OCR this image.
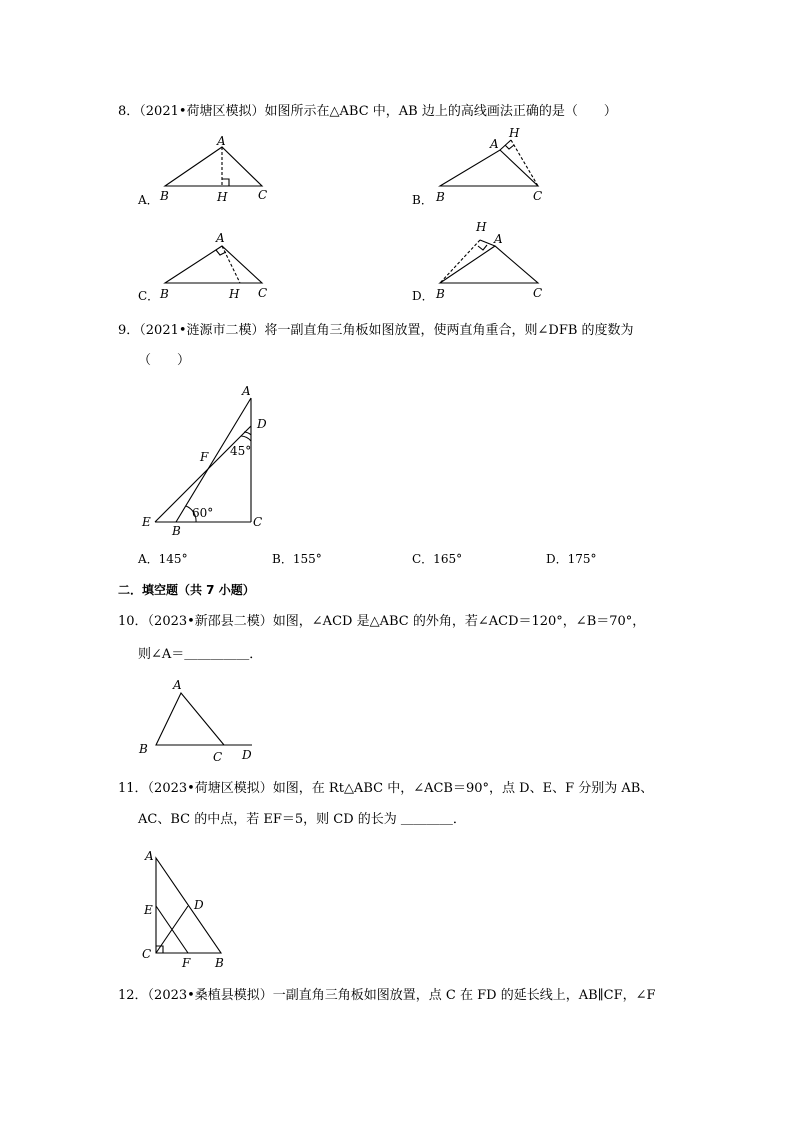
8．（2021•荷塘区模拟）如图所示在△ABC 中，AB 边上的高线画法正确的是（　　）
A．
A
B	H	C	B．
A
H
B	C
C．
A
B	H C	D．
H
A
B	C
9．（2021•涟源市二模）将一副直角三角板如图放置，使两直角重合，则∠DFB 的度数为
（　　）
A
D
F
E
B
C
45°
60°
A．145°	B．155°	C．165°	D．175°
二．填空题（共 7 小题）
10．（2023•新邵县二模）如图，∠ACD 是△ABC 的外角，若∠ACD＝120°，∠B＝70°，
则∠A＝＿＿＿＿＿．
A
B
C D
11．（2023•荷塘区模拟）如图，在 Rt△ABC 中，∠ACB＝90°，点 D、E、F 分别为 AB、
AC、BC 的中点，若 EF＝5，则 CD 的长为 ＿＿＿＿．
A
E	D
C
F B
12．（2023•桑植县模拟）一副直角三角板如图放置，点 C 在 FD 的延长线上，AB∥CF，∠F
